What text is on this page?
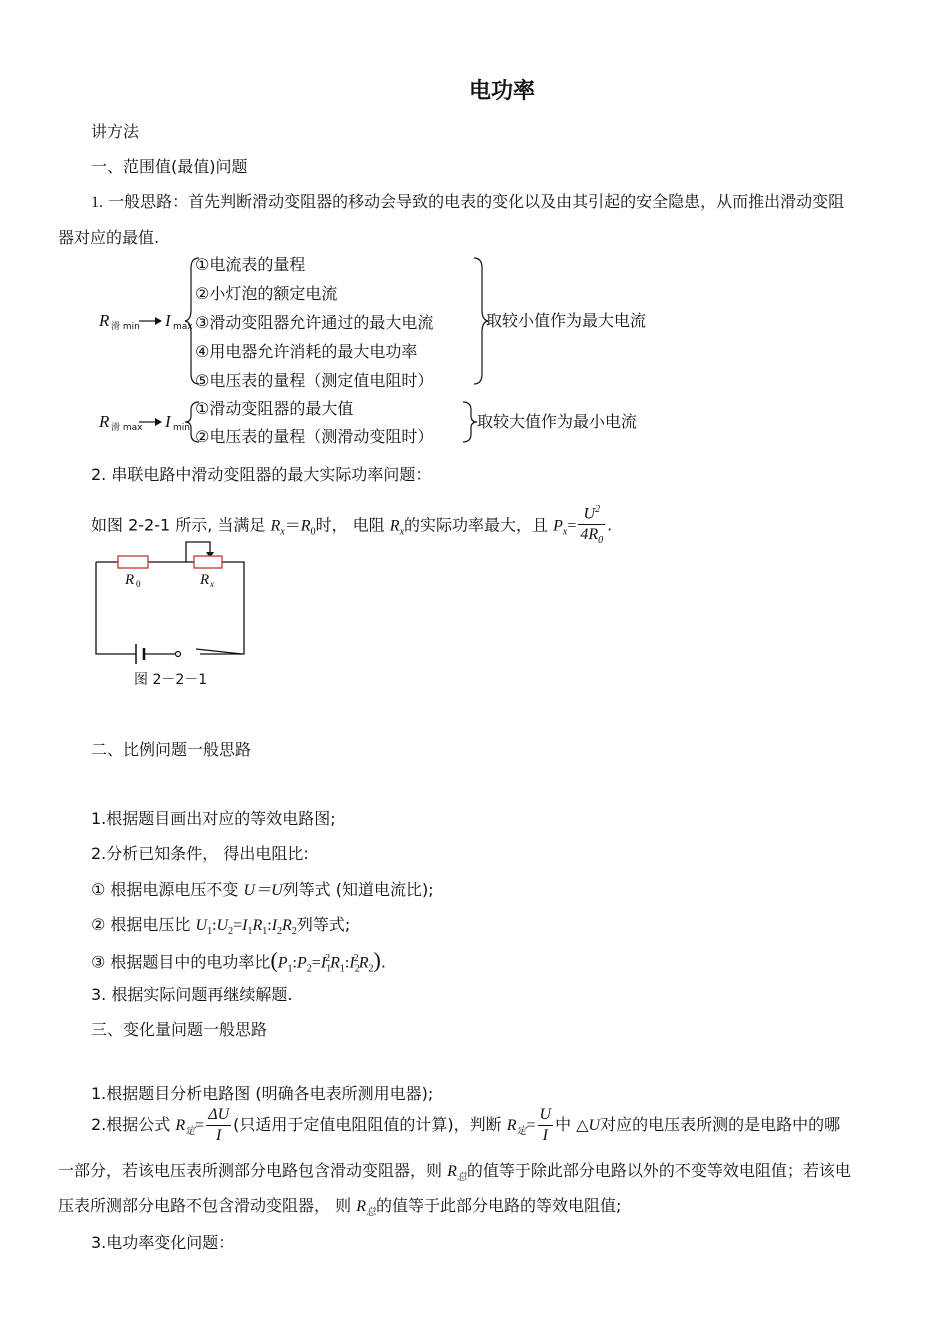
电功率
讲方法
一、范围值(最值)问题
1. 一般思路：首先判断滑动变阻器的移动会导致的电表的变化以及由其引起的安全隐患，从而推出滑动变阻
器对应的最值.
R 滑 min I max
①电流表的量程
②小灯泡的额定电流
③滑动变阻器允许通过的最大电流
④用电器允许消耗的最大电功率
⑤电压表的量程（测定值电阻时）
取较小值作为最大电流
R 滑 max I min
①滑动变阻器的最大值
②电压表的量程（测滑动变阻时）
取较大值作为最小电流
2. 串联电路中滑动变阻器的最大实际功率问题：
如图 2-2-1 所示, 当满足 $R_x=R_0$时， 电阻 $R_x$的实际功率最大，且 $P_x= \frac{U^2}{4R_0}$ .
R 0	R x
图 2－2－1
二、比例问题一般思路
1.根据题目画出对应的等效电路图;
2.分析已知条件， 得出电阻比:
① 根据电源电压不变 U＝U列等式 (知道电流比);
② 根据电压比 $U_1:U_2=I_1R_1:I_2R_2$列等式;
③ 根据题目中的电功率比$(P_1:P_2=I_1^2R_1:I_2^2R_2)$.
3. 根据实际问题再继续解题.
三、变化量问题一般思路
1.根据题目分析电路图 (明确各电表所测用电器);
2.根据公式 $R_定= \frac{\Delta U}{I}$ (只适用于定值电阻阻值的计算)，判断 $R_定= \frac{U}{I}$ 中 △U对应的电压表所测的是电路中的哪
一部分，若该电压表所测部分电路包含滑动变阻器，则 $R_总$的值等于除此部分电路以外的不变等效电阻值；若该电
压表所测部分电路不包含滑动变阻器， 则 $R_总$的值等于此部分电路的等效电阻值;
3.电功率变化问题：
